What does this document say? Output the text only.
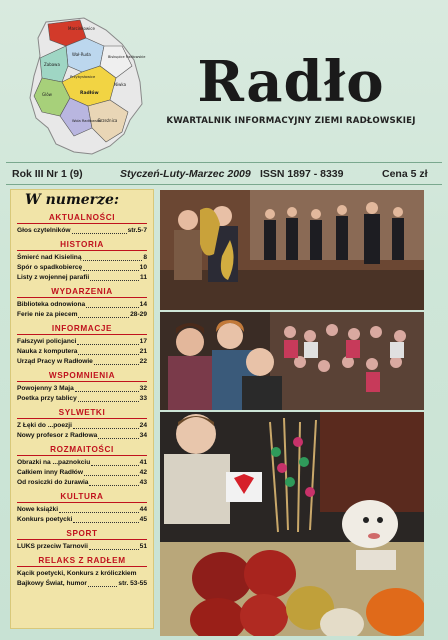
Marcinkowice
Wał-Ruda
Zabawa
Biskupice Radłowskie
Przybysławice
Niwka
Glów	Radłów
Wola Radłowska
Brzeźnica
Radło
KWARTALNIK INFORMACYJNY ZIEMI RADŁOWSKIEJ
Rok III Nr 1 (9)	Styczeń-Luty-Marzec 2009 ISSN 1897 - 8339	Cena 5 zł
W numerze:
AKTUALNOŚCI
Głos czytelników	str.5-7
HISTORIA
Śmierć nad Kisieliną	8
Spór o spadkobiercę	10
Listy z wojennej parafii	11
WYDARZENIA
Biblioteka odnowiona	14
Ferie nie za piecem	28-29
INFORMACJE
Fałszywi policjanci	17
Nauka z komputera	21
Urząd Pracy w Radłowie	22
WSPOMNIENIA
Powojenny 3 Maja	32
Poetka przy tablicy	33
SYLWETKI
Z Łęki do ...poezji	24
Nowy profesor z Radłowa	34
ROZMAITOŚCI
Obrazki na ...paznokciu	41
Całkiem inny Radłów	42
Od rosiczki do żurawia	43
KULTURA
Nowe książki	44
Konkurs poetycki	45
SPORT
LUKS przeciw Tarnovii	51
RELAKS Z RADŁEM
Kącik poetycki, Konkurs z króliczkiem
Bajkowy Świat, humor	str. 53-55
